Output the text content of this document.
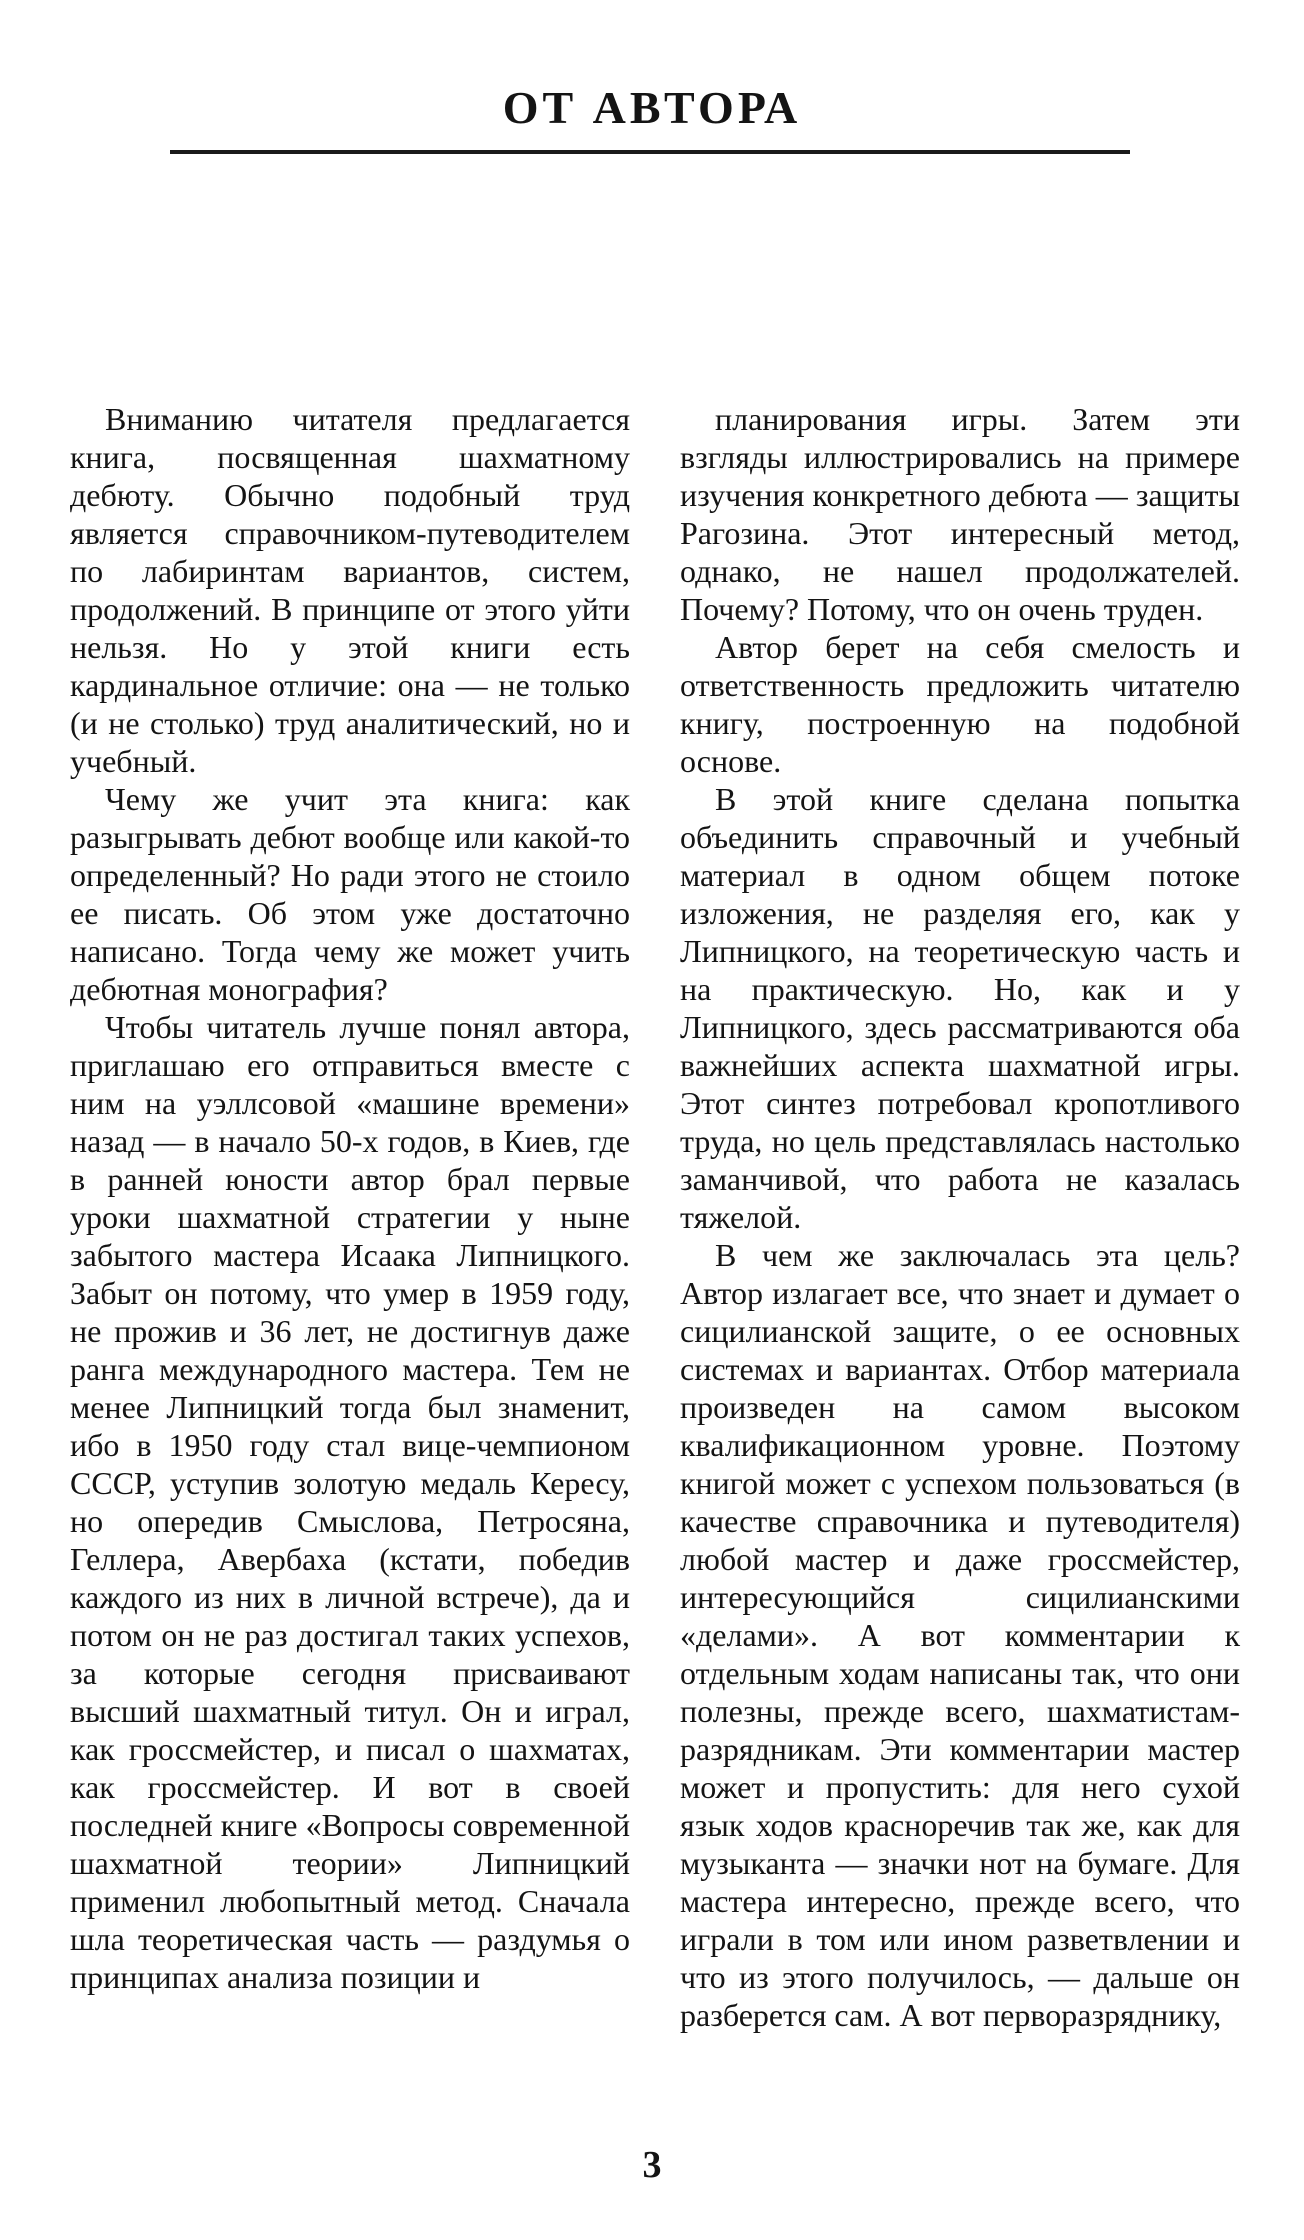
ОТ АВТОРА

Вниманию читателя предлагается книга, посвященная шахматному дебюту. Обычно подобный труд является справочником-путеводителем по лабиринтам вариантов, систем, продолжений. В принципе от этого уйти нельзя. Но у этой книги есть кардинальное отличие: она — не только (и не столько) труд аналитический, но и учебный.

Чему же учит эта книга: как разыгрывать дебют вообще или какой-то определенный? Но ради этого не стоило ее писать. Об этом уже достаточно написано. Тогда чему же может учить дебютная монография?

Чтобы читатель лучше понял автора, приглашаю его отправиться вместе с ним на уэллсовой «машине времени» назад — в начало 50-х годов, в Киев, где в ранней юности автор брал первые уроки шахматной стратегии у ныне забытого мастера Исаака Липницкого. Забыт он потому, что умер в 1959 году, не прожив и 36 лет, не достигнув даже ранга международного мастера. Тем не менее Липницкий тогда был знаменит, ибо в 1950 году стал вице-чемпионом СССР, уступив золотую медаль Кересу, но опередив Смыслова, Петросяна, Геллера, Авербаха (кстати, победив каждого из них в личной встрече), да и потом он не раз достигал таких успехов, за которые сегодня присваивают высший шахматный титул. Он и играл, как гроссмейстер, и писал о шахматах, как гроссмейстер. И вот в своей последней книге «Вопросы современной шахматной теории» Липницкий применил любопытный метод. Сначала шла теоретическая часть — раздумья о принципах анализа позиции и

планирования игры. Затем эти взгляды иллюстрировались на примере изучения конкретного дебюта — защиты Рагозина. Этот интересный метод, однако, не нашел продолжателей. Почему? Потому, что он очень труден.

Автор берет на себя смелость и ответственность предложить читателю книгу, построенную на подобной основе.

В этой книге сделана попытка объединить справочный и учебный материал в одном общем потоке изложения, не разделяя его, как у Липницкого, на теоретическую часть и на практическую. Но, как и у Липницкого, здесь рассматриваются оба важнейших аспекта шахматной игры. Этот синтез потребовал кропотливого труда, но цель представлялась настолько заманчивой, что работа не казалась тяжелой.

В чем же заключалась эта цель? Автор излагает все, что знает и думает о сицилианской защите, о ее основных системах и вариантах. Отбор материала произведен на самом высоком квалификационном уровне. Поэтому книгой может с успехом пользоваться (в качестве справочника и путеводителя) любой мастер и даже гроссмейстер, интересующийся сицилианскими «делами». А вот комментарии к отдельным ходам написаны так, что они полезны, прежде всего, шахматистам-разрядникам. Эти комментарии мастер может и пропустить: для него сухой язык ходов красноречив так же, как для музыканта — значки нот на бумаге. Для мастера интересно, прежде всего, что играли в том или ином разветвлении и что из этого получилось, — дальше он разберется сам. А вот перворазряднику,

3
